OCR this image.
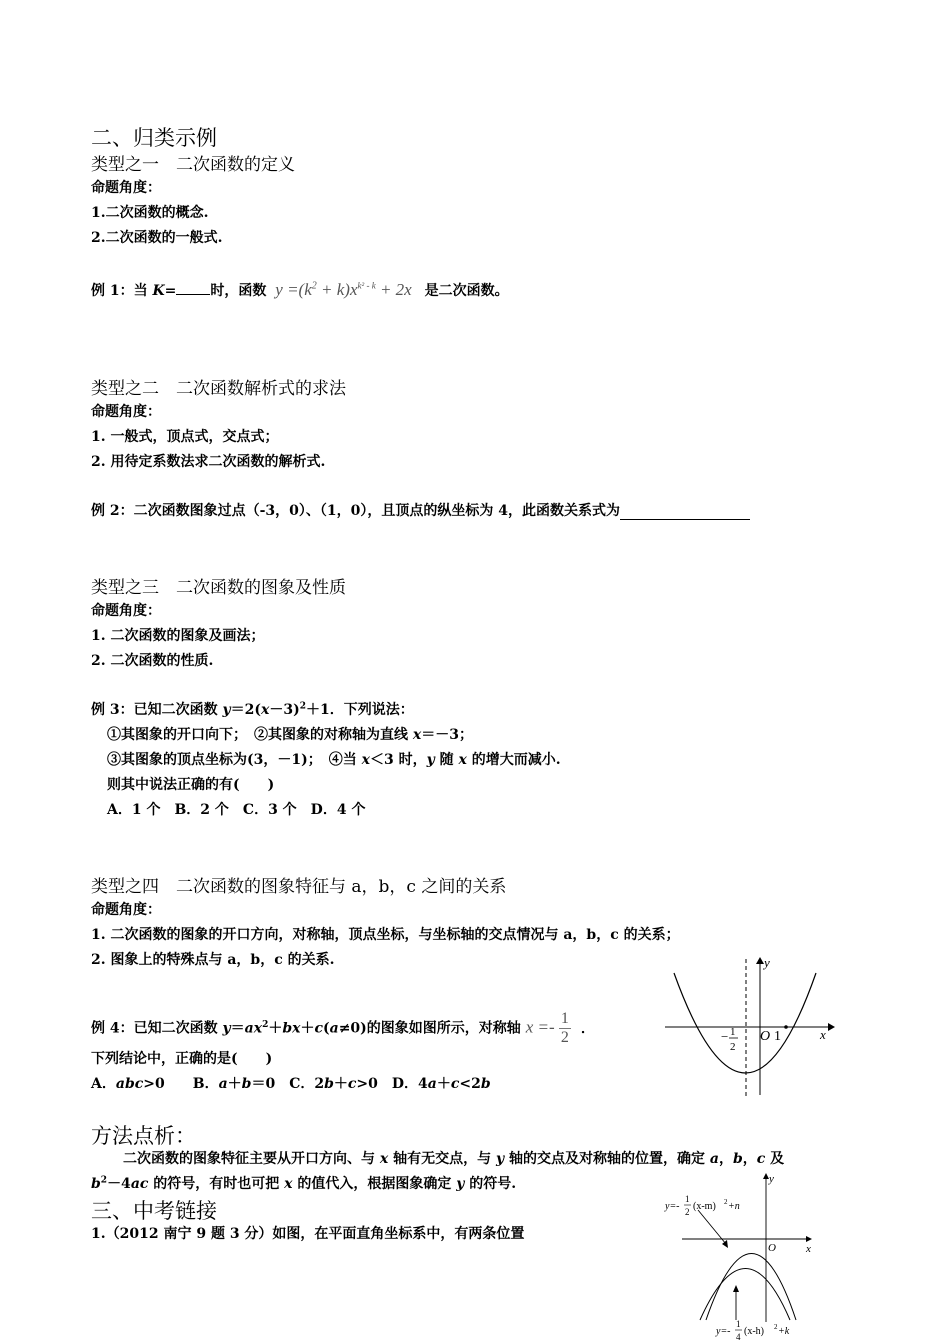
二、归类示例
类型之一　二次函数的定义
命题角度：
1.二次函数的概念.
2.二次函数的一般式.
例 1：当 K= 时，函数 $y =(k^2 + k)x^{k^2 - k} + 2x$ 是二次函数。
类型之二　二次函数解析式的求法
命题角度：
1. 一般式，顶点式，交点式；
2. 用待定系数法求二次函数的解析式.
例 2：二次函数图象过点（-3，0）、（1，0），且顶点的纵坐标为 4，此函数关系式为
类型之三　二次函数的图象及性质
命题角度：
1. 二次函数的图象及画法；
2. 二次函数的性质.
例 3：已知二次函数 $y=2(x-3)^2+1$．下列说法：
①其图象的开口向下；　②其图象的对称轴为直线 x＝－3；
③其图象的顶点坐标为(3，－1)；　④当 x＜3 时，y 随 x 的增大而减小.
则其中说法正确的有(　　)
A．1 个　B．2 个　C．3 个　D．4 个
类型之四　二次函数的图象特征与 a，b，c 之间的关系
命题角度：
1. 二次函数的图象的开口方向，对称轴，顶点坐标，与坐标轴的交点情况与 a，b，c 的关系；
2. 图象上的特殊点与 a，b，c 的关系.
例 4：已知二次函数 $y=ax^2+bx+c(a\ne 0)$的图象如图所示，对称轴 $x =- \frac{1}{2}$ ．
下列结论中，正确的是(　　)
A．abc>0　　B．a＋b＝0　C．2b＋c>0　D．4a＋c<2b
y
x
O 1
− 1
2
方法点析：
二次函数的图象特征主要从开口方向、与 x 轴有无交点，与 y 轴的交点及对称轴的位置，确定 a，b，c 及
$b^2-4ac$ 的符号，有时也可把 x 的值代入，根据图象确定 y 的符号.
三、中考链接
1.（2012 南宁 9 题 3 分）如图，在平面直角坐标系中，有两条位置
y
x
O
y=-
1
2 (x-m) 2 +n
y=-
1
4 (x-h) 2 +k
